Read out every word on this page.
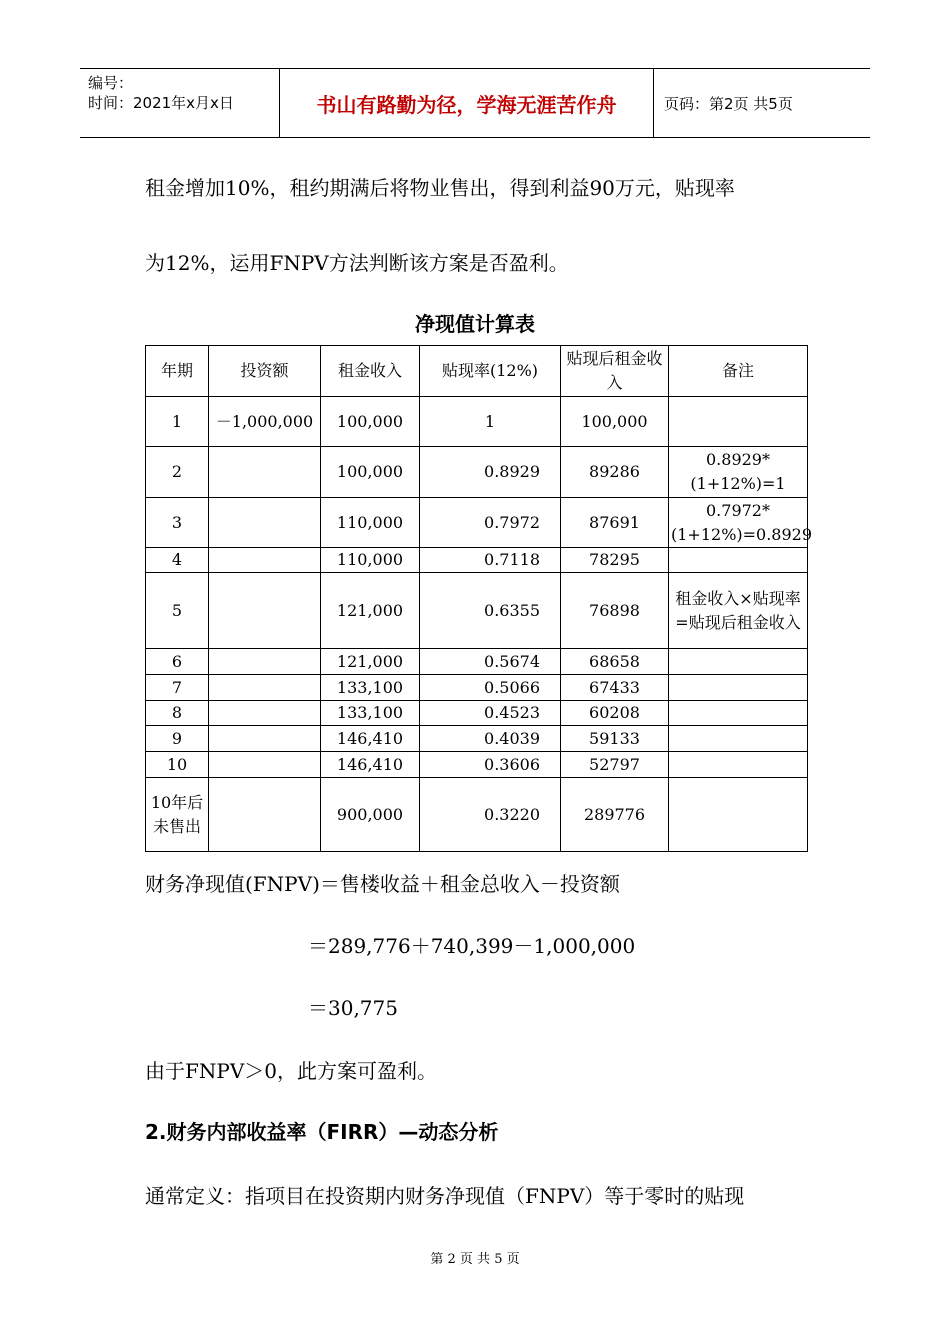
编号：
时间：2021年x月x日	书山有路勤为径，学海无涯苦作舟	页码：第2页 共5页
租金增加10%，租约期满后将物业售出，得到利益90万元，贴现率
为12%，运用FNPV方法判断该方案是否盈利。
净现值计算表
年期	投资额	租金收入	贴现率(12%)	贴现后租金收入	备注
1	－1,000,000	100,000	1	100,000	
2		100,000	0.8929	89286	0.8929*(1+12%)=1
3		110,000	0.7972	87691	0.7972*(1+12%)=0.8929
4		110,000	0.7118	78295	
5		121,000	0.6355	76898	租金收入×贴现率=贴现后租金收入
6		121,000	0.5674	68658	
7		133,100	0.5066	67433	
8		133,100	0.4523	60208	
9		146,410	0.4039	59133	
10		146,410	0.3606	52797	
10年后未售出		900,000	0.3220	289776	
财务净现值(FNPV)＝售楼收益＋租金总收入－投资额
＝289,776＋740,399－1,000,000
＝30,775
由于FNPV＞0，此方案可盈利。
2.财务内部收益率（FIRR）—动态分析
通常定义：指项目在投资期内财务净现值（FNPV）等于零时的贴现
第 2 页 共 5 页
